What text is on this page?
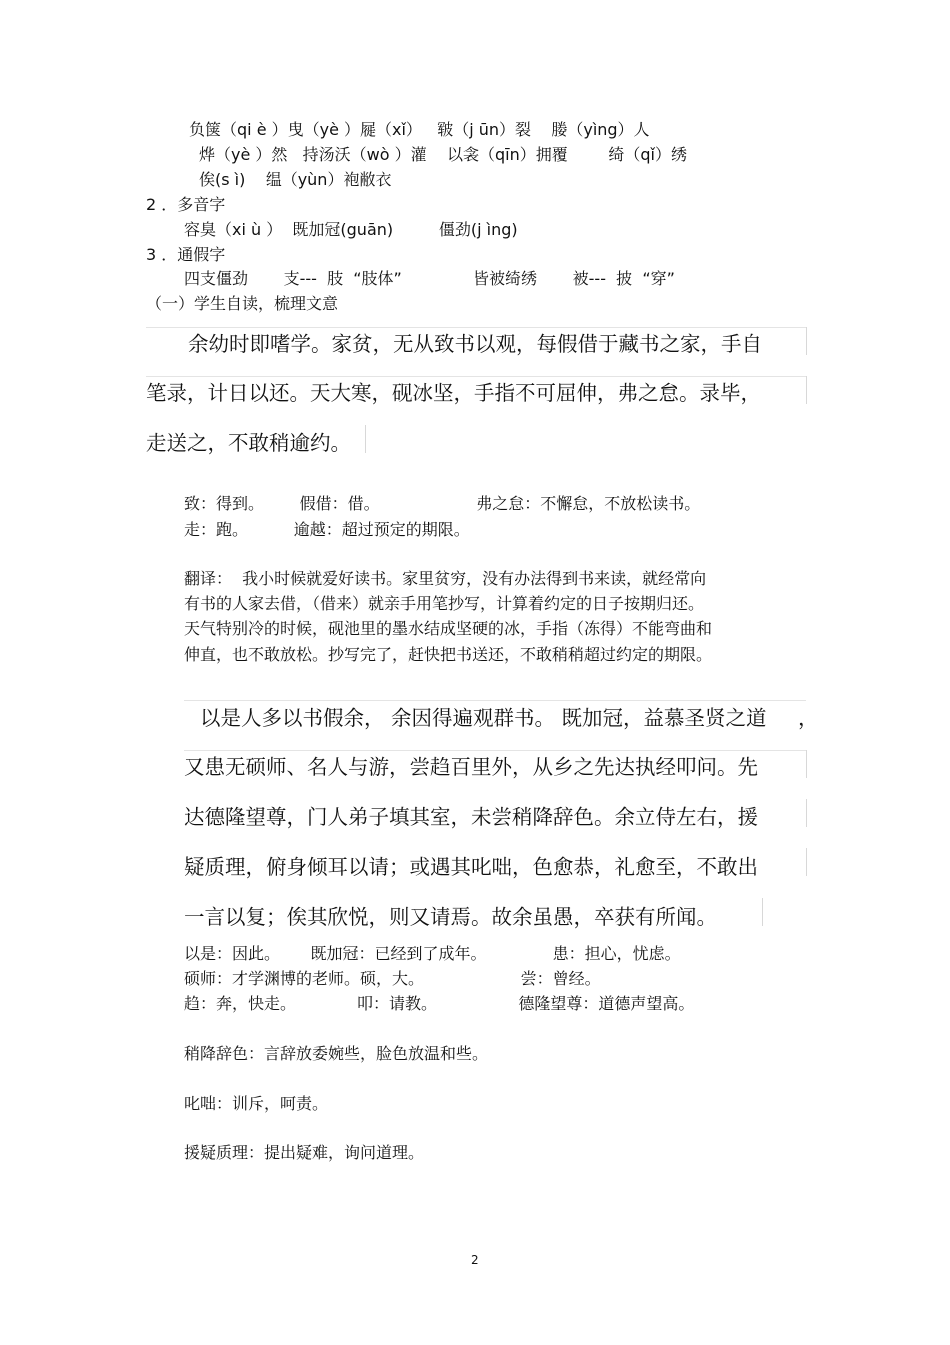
负箧（qi è ）曳（yè ）屣（xǐ）   皲（j ūn）裂    媵（yìng）人
烨（yè ）然   持汤沃（wò ）灌    以衾（qīn）拥覆        绮（qǐ）绣
俟(s ì)    缊（yùn）袍敝衣
2 ．多音字
容臭（xi ù ）  既加冠(guān)         僵劲(j ìng)
3 ．通假字
四支僵劲       支---  肢  “肢体”              皆被绮绣       被---  披  “穿”
（一）学生自读，梳理文意
余幼时即嗜学。家贫，无从致书以观，每假借于藏书之家，手自
笔录，计日以还。天大寒，砚冰坚，手指不可屈伸，弗之怠。录毕，
走送之，不敢稍逾约。
致：得到。       假借：借。                   弗之怠：不懈怠，不放松读书。
走：跑。         逾越：超过预定的期限。
翻译：  我小时候就爱好读书。家里贫穷，没有办法得到书来读，就经常向
有书的人家去借，（借来）就亲手用笔抄写，计算着约定的日子按期归还。
天气特别冷的时候，砚池里的墨水结成坚硬的冰，手指（冻得）不能弯曲和
伸直，也不敢放松。抄写完了，赶快把书送还，不敢稍稍超过约定的期限。
以是人多以书假余， 余因得遍观群书。 既加冠，益慕圣贤之道 ，
又患无硕师、名人与游，尝趋百里外，从乡之先达执经叩问。先
达德隆望尊，门人弟子填其室，未尝稍降辞色。余立侍左右，援
疑质理，俯身倾耳以请；或遇其叱咄，色愈恭，礼愈至，不敢出
一言以复；俟其欣悦，则又请焉。故余虽愚，卒获有所闻。
以是：因此。      既加冠：已经到了成年。             患：担心，忧虑。
硕师：才学渊博的老师。硕，大。                   尝：曾经。
趋：奔，快走。            叩：请教。                德隆望尊：道德声望高。
稍降辞色：言辞放委婉些，脸色放温和些。
叱咄：训斥，呵责。
援疑质理：提出疑难，询问道理。
2
